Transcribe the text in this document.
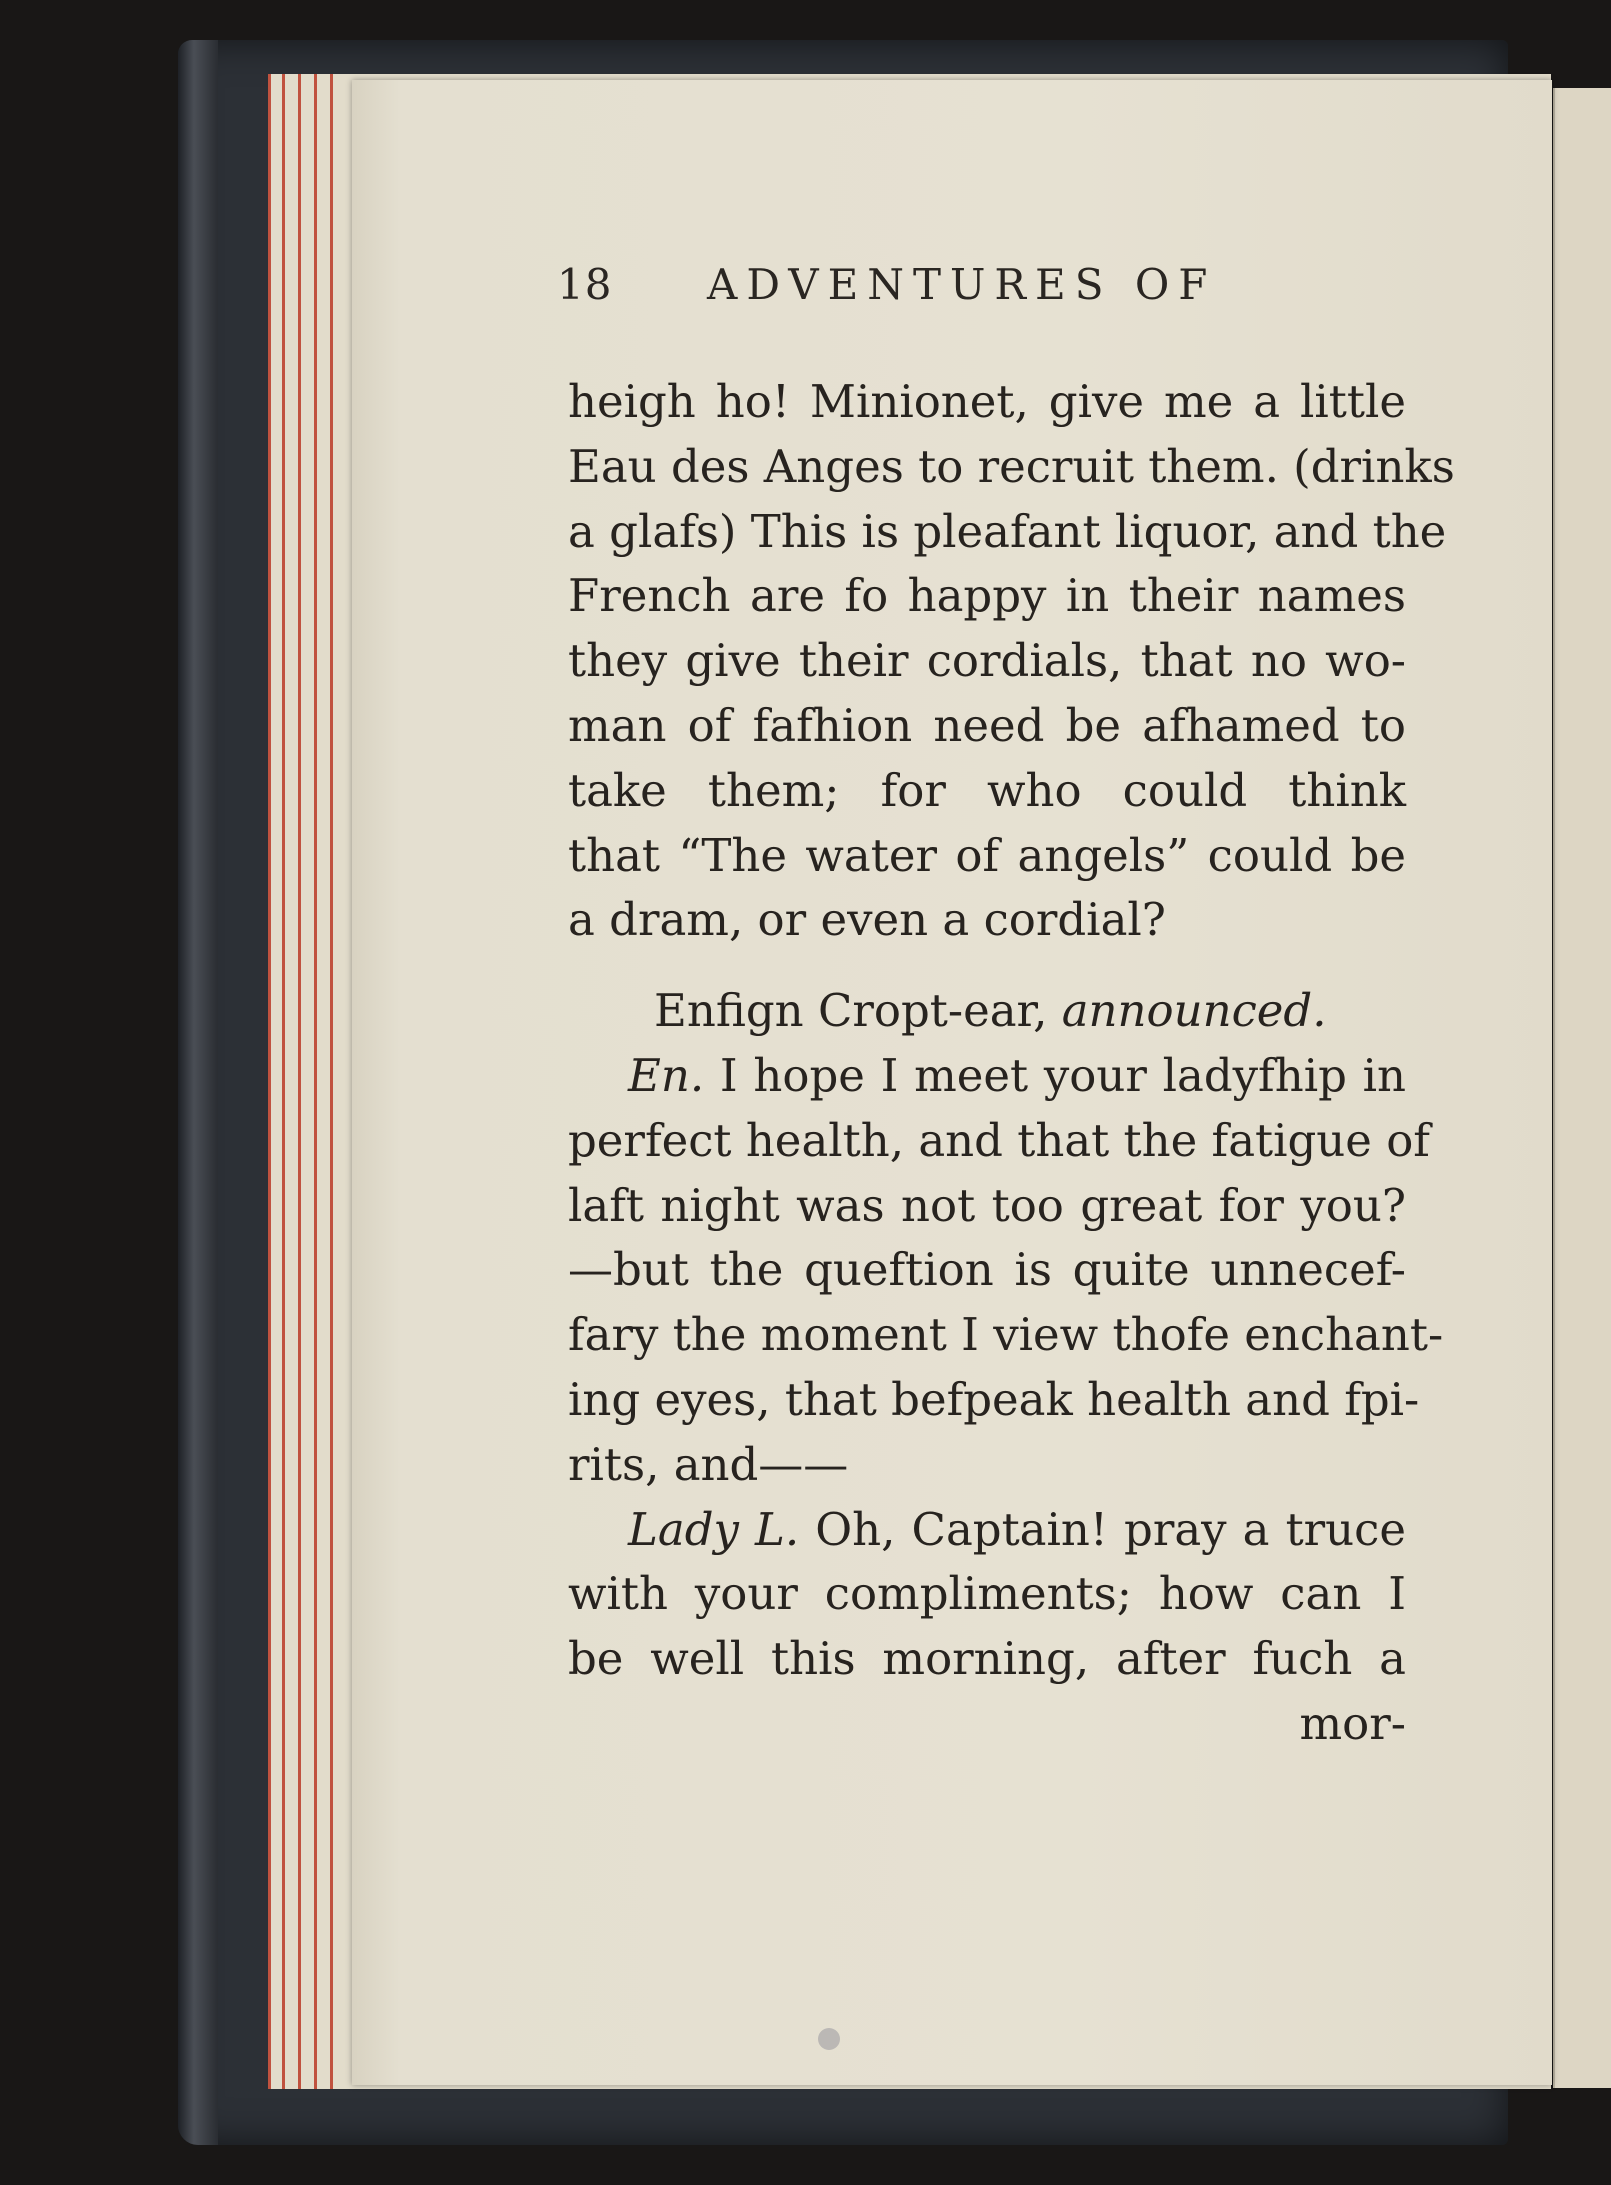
18 ADVENTURES OF
heigh ho! Minionet, give me a little
Eau des Anges to recruit them. (drinks
a glafs) This is pleafant liquor, and the
French are fo happy in their names
they give their cordials, that no wo-
man of fafhion need be afhamed to
take them; for who could think
that “The water of angels” could be
a dram, or even a cordial?
Enfign Cropt-ear, announced.
En. I hope I meet your ladyfhip in
perfect health, and that the fatigue of
laft night was not too great for you?
—but the queftion is quite unnecef-
fary the moment I view thofe enchant-
ing eyes, that befpeak health and fpi-
rits, and——
Lady L. Oh, Captain! pray a truce
with your compliments; how can I
be well this morning, after fuch a
mor-
